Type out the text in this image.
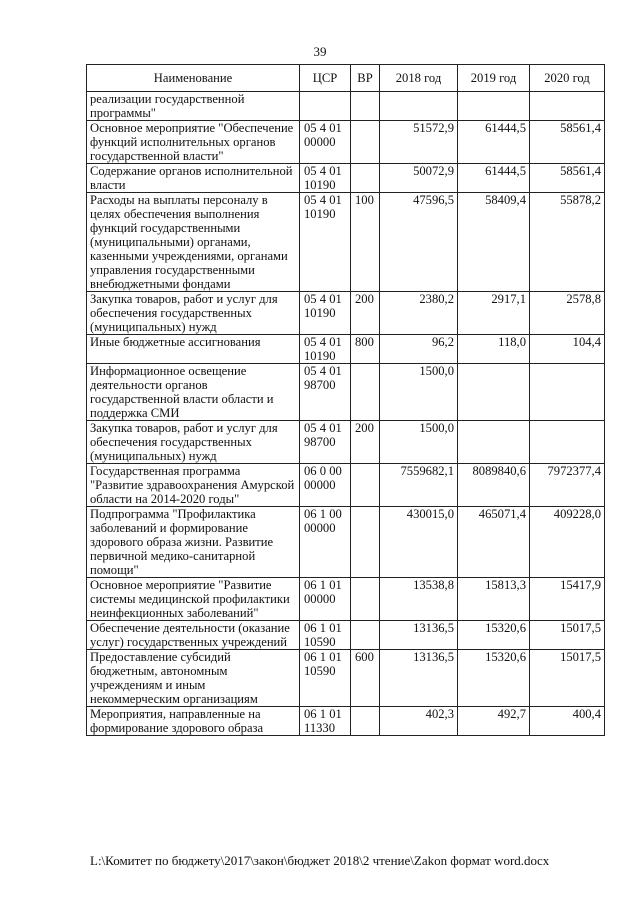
39
Наименование	ЦСР	ВР	2018 год	2019 год	2020 год
реализации государственной программы"					
Основное мероприятие "Обеспечение функций исполнительных органов государственной власти"	05 4 01 00000		51572,9	61444,5	58561,4
Содержание органов исполнительной власти	05 4 01 10190		50072,9	61444,5	58561,4
Расходы на выплаты персоналу в целях обеспечения выполнения функций государственными (муниципальными) органами, казенными учреждениями, органами управления государственными внебюджетными фондами	05 4 01 10190	100	47596,5	58409,4	55878,2
Закупка товаров, работ и услуг для обеспечения государственных (муниципальных) нужд	05 4 01 10190	200	2380,2	2917,1	2578,8
Иные бюджетные ассигнования	05 4 01 10190	800	96,2	118,0	104,4
Информационное освещение деятельности органов государственной власти области и поддержка СМИ	05 4 01 98700		1500,0		
Закупка товаров, работ и услуг для обеспечения государственных (муниципальных) нужд	05 4 01 98700	200	1500,0		
Государственная программа "Развитие здравоохранения Амурской области на 2014-2020 годы"	06 0 00 00000		7559682,1	8089840,6	7972377,4
Подпрограмма "Профилактика заболеваний и формирование здорового образа жизни. Развитие первичной медико-санитарной помощи"	06 1 00 00000		430015,0	465071,4	409228,0
Основное мероприятие "Развитие системы медицинской профилактики неинфекционных заболеваний"	06 1 01 00000		13538,8	15813,3	15417,9
Обеспечение деятельности (оказание услуг) государственных учреждений	06 1 01 10590		13136,5	15320,6	15017,5
Предоставление субсидий бюджетным, автономным учреждениям и иным некоммерческим организациям	06 1 01 10590	600	13136,5	15320,6	15017,5
Мероприятия, направленные на формирование здорового образа	06 1 01 11330		402,3	492,7	400,4
L:\Комитет по бюджету\2017\закон\бюджет 2018\2 чтение\Zakon формат word.docx
